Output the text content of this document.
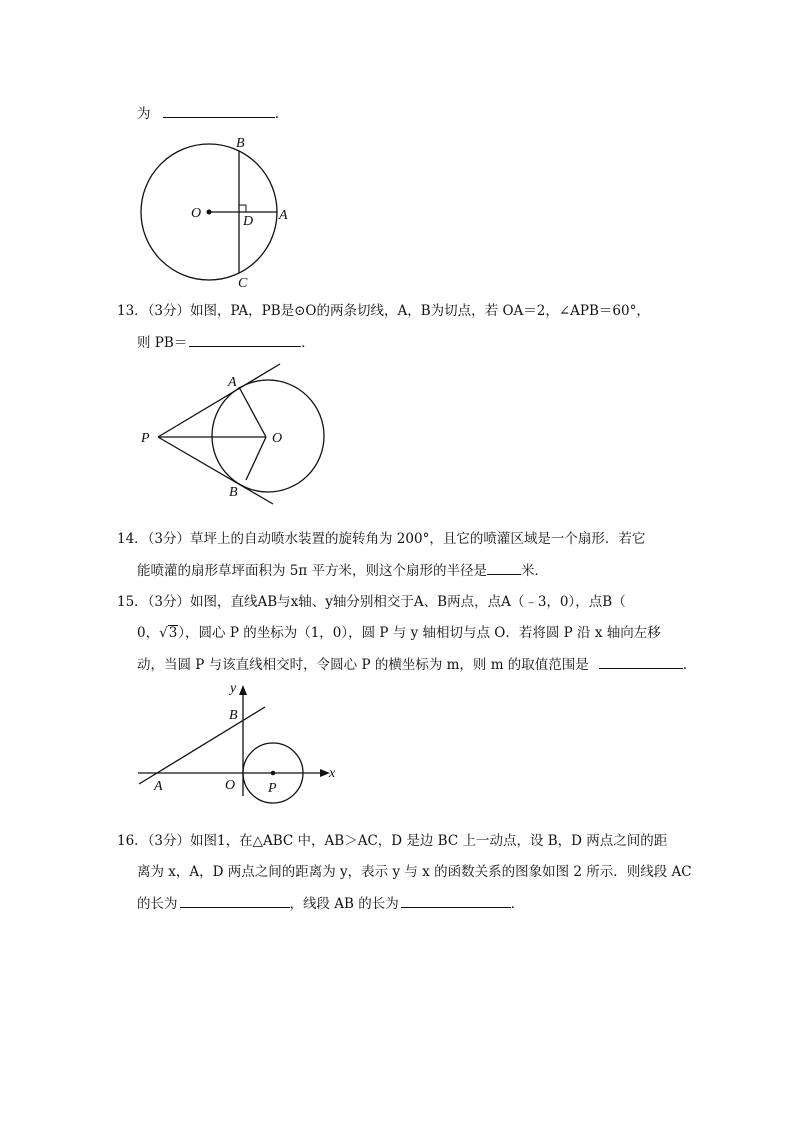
为	．
B
O
D A
C
13．（3分）如图，PA，PB是⊙O的两条切线，A，B为切点，若 OA＝2，∠APB＝60°，
则 PB＝	．
A
P	O
B
14．（3分）草坪上的自动喷水装置的旋转角为 200°，且它的喷灌区域是一个扇形．若它
能喷灌的扇形草坪面积为 5π 平方米，则这个扇形的半径是	米．
15．（3分）如图，直线AB与x轴、y轴分别相交于A、B两点，点A（﹣3，0），点B（
0，√3），圆心 P 的坐标为（1，0），圆 P 与 y 轴相切与点 O．若将圆 P 沿 x 轴向左移
动，当圆 P 与该直线相交时，令圆心 P 的横坐标为 m，则 m 的取值范围是	．
y
B
x
A	O P
16．（3分）如图1，在△ABC 中，AB＞AC，D 是边 BC 上一动点，设 B，D 两点之间的距
离为 x，A，D 两点之间的距离为 y，表示 y 与 x 的函数关系的图象如图 2 所示．则线段 AC
的长为	，线段 AB 的长为	．
